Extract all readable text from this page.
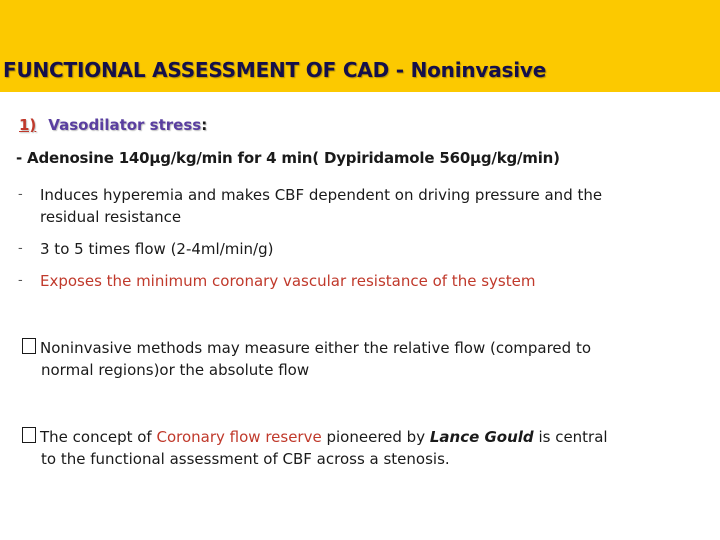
FUNCTIONAL ASSESSMENT OF CAD - Noninvasive
1) Vasodilator stress:
- Adenosine 140µg/kg/min for 4 min( Dypiridamole 560µg/kg/min)
- Induces hyperemia and makes CBF dependent on driving pressure and the
residual resistance
- 3 to 5 times flow (2-4ml/min/g)
- Exposes the minimum coronary vascular resistance of the system
Noninvasive methods may measure either the relative flow (compared to
normal regions)or the absolute flow
The concept of Coronary flow reserve pioneered by Lance Gould is central
to the functional assessment of CBF across a stenosis.
